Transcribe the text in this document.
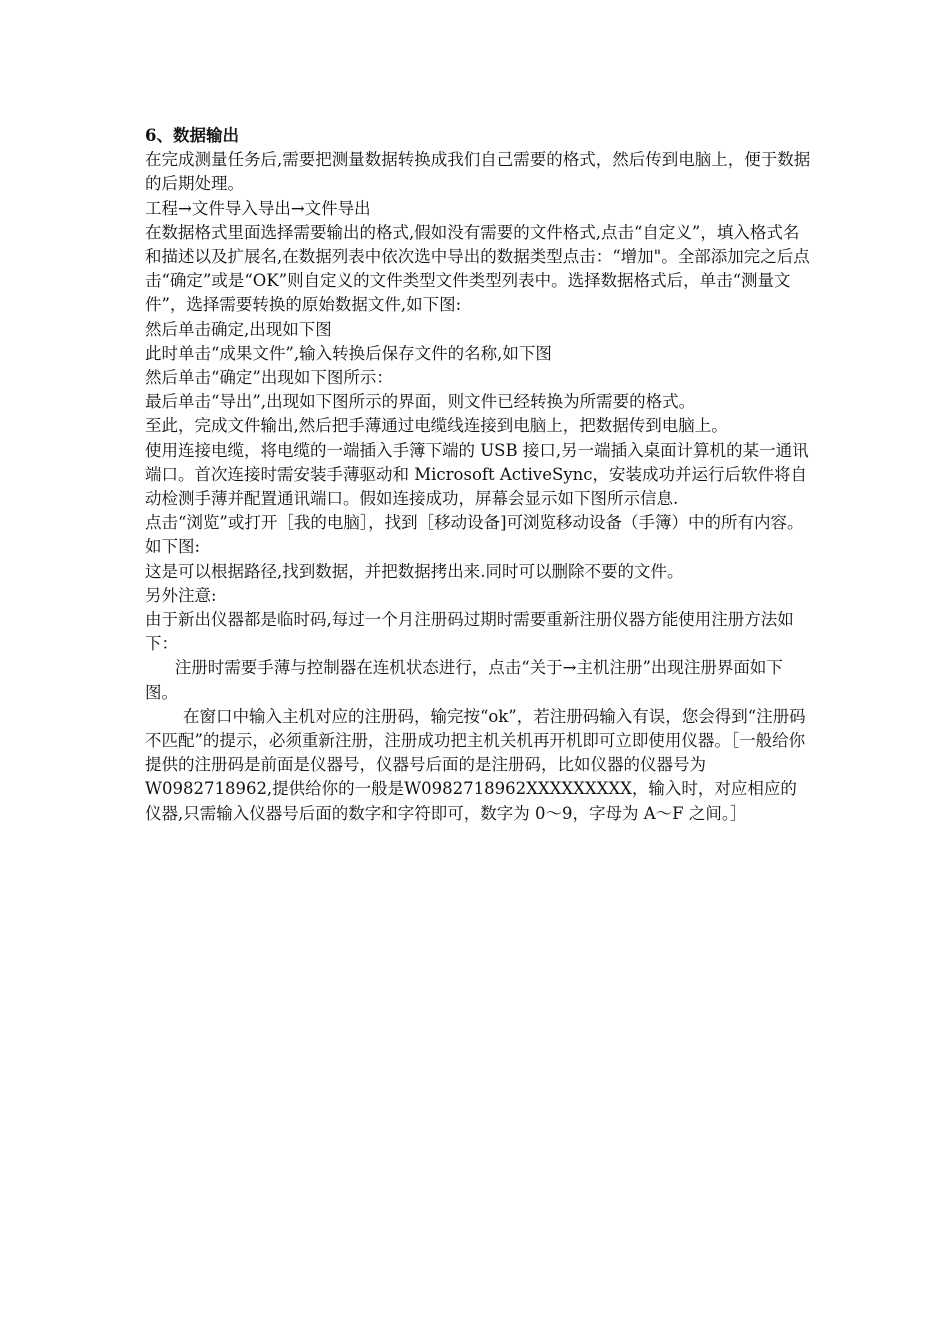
6、数据输出

在完成测量任务后,需要把测量数据转换成我们自己需要的格式，然后传到电脑上，便于数据的后期处理。

工程→文件导入导出→文件导出

在数据格式里面选择需要输出的格式,假如没有需要的文件格式,点击“自定义”，填入格式名和描述以及扩展名,在数据列表中依次选中导出的数据类型点击：“增加"。全部添加完之后点击“确定”或是“OK”则自定义的文件类型文件类型列表中。选择数据格式后，单击“测量文件”，选择需要转换的原始数据文件,如下图:

然后单击确定,出现如下图

此时单击“成果文件”,输入转换后保存文件的名称,如下图

然后单击“确定”出现如下图所示：

最后单击“导出”,出现如下图所示的界面，则文件已经转换为所需要的格式。

至此，完成文件输出,然后把手薄通过电缆线连接到电脑上，把数据传到电脑上。

使用连接电缆，将电缆的一端插入手簿下端的 USB 接口,另一端插入桌面计算机的某一通讯端口。首次连接时需安装手薄驱动和 Microsoft ActiveSync，安装成功并运行后软件将自动检测手薄并配置通讯端口。假如连接成功，屏幕会显示如下图所示信息.

点击“浏览”或打开［我的电脑］，找到［移动设备]可浏览移动设备（手簿）中的所有内容。如下图:

这是可以根据路径,找到数据，并把数据拷出来.同时可以删除不要的文件。

另外注意:

由于新出仪器都是临时码,每过一个月注册码过期时需要重新注册仪器方能使用注册方法如下：

注册时需要手薄与控制器在连机状态进行，点击“关于→主机注册”出现注册界面如下图。

在窗口中输入主机对应的注册码，输完按“ok”，若注册码输入有误，您会得到“注册码不匹配”的提示，必须重新注册，注册成功把主机关机再开机即可立即使用仪器。［一般给你提供的注册码是前面是仪器号，仪器号后面的是注册码，比如仪器的仪器号为 W0982718962,提供给你的一般是W0982718962XXXXXXXXX，输入时，对应相应的仪器,只需输入仪器号后面的数字和字符即可，数字为 0～9，字母为 A～F 之间。］
